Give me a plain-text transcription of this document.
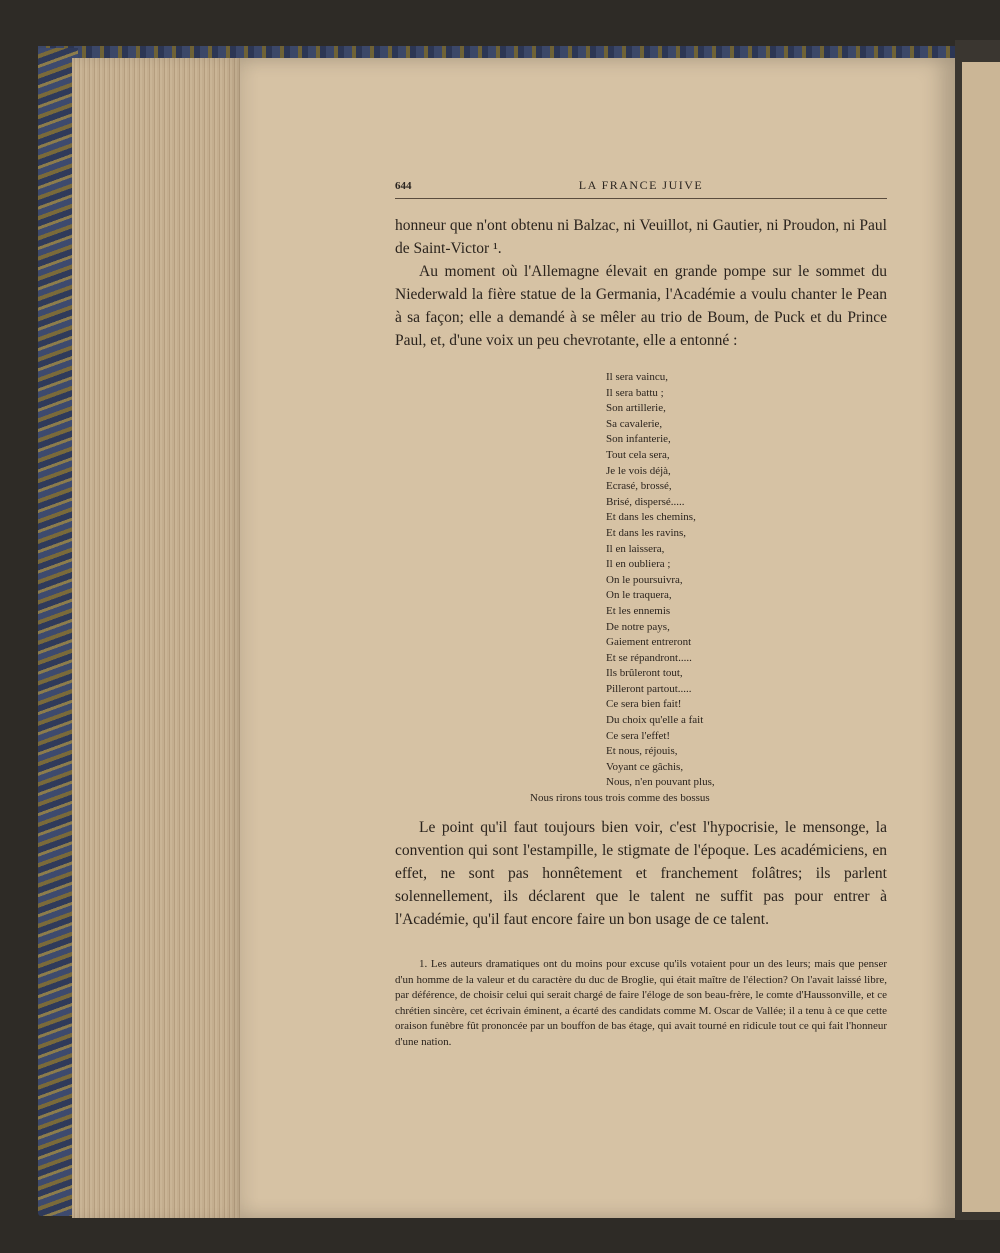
644	LA FRANCE JUIVE

honneur que n'ont obtenu ni Balzac, ni Veuillot, ni Gautier, ni Proudon, ni Paul de Saint-Victor ¹.

Au moment où l'Allemagne élevait en grande pompe sur le sommet du Niederwald la fière statue de la Germania, l'Académie a voulu chanter le Pean à sa façon; elle a demandé à se mêler au trio de Boum, de Puck et du Prince Paul, et, d'une voix un peu chevrotante, elle a entonné :

Il sera vaincu,
Il sera battu ;
Son artillerie,
Sa cavalerie,
Son infanterie,
Tout cela sera,
Je le vois déjà,
Ecrasé, brossé,
Brisé, dispersé.....
Et dans les chemins,
Et dans les ravins,
Il en laissera,
Il en oubliera ;
On le poursuivra,
On le traquera,
Et les ennemis
De notre pays,
Gaiement entreront
Et se répandront.....
Ils brûleront tout,
Pilleront partout.....
Ce sera bien fait!
Du choix qu'elle a fait
Ce sera l'effet!
Et nous, réjouis,
Voyant ce gâchis,
Nous, n'en pouvant plus,
Nous rirons tous trois comme des bossus

Le point qu'il faut toujours bien voir, c'est l'hypocrisie, le mensonge, la convention qui sont l'estampille, le stigmate de l'époque. Les académiciens, en effet, ne sont pas honnêtement et franchement folâtres; ils parlent solennellement, ils déclarent que le talent ne suffit pas pour entrer à l'Académie, qu'il faut encore faire un bon usage de ce talent.

1. Les auteurs dramatiques ont du moins pour excuse qu'ils votaient pour un des leurs; mais que penser d'un homme de la valeur et du caractère du duc de Broglie, qui était maître de l'élection? On l'avait laissé libre, par déférence, de choisir celui qui serait chargé de faire l'éloge de son beau-frère, le comte d'Haussonville, et ce chrétien sincère, cet écrivain éminent, a écarté des candidats comme M. Oscar de Vallée; il a tenu à ce que cette oraison funèbre fût prononcée par un bouffon de bas étage, qui avait tourné en ridicule tout ce qui fait l'honneur d'une nation.
